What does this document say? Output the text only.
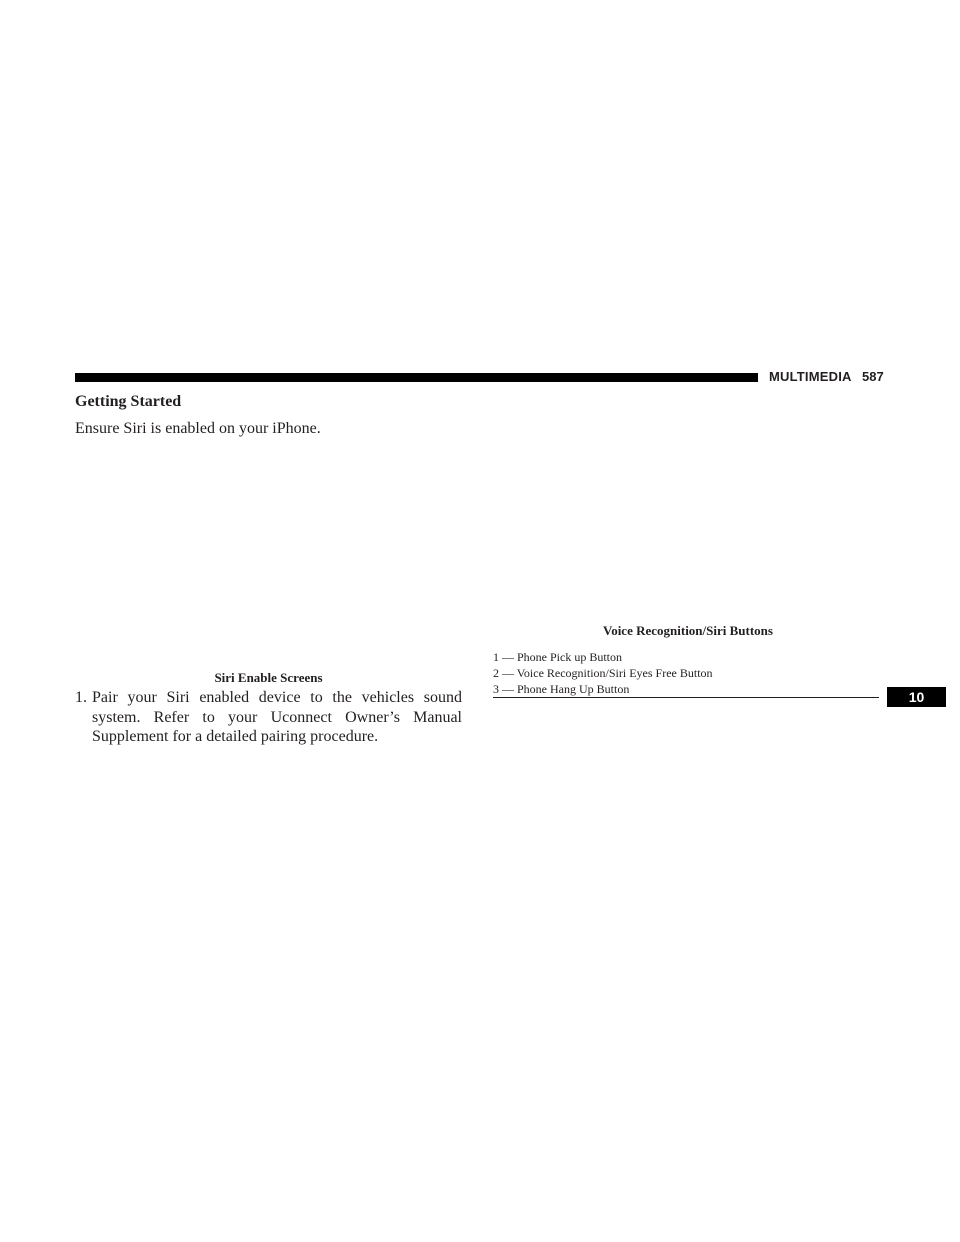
MULTIMEDIA 587
Getting Started
Ensure Siri is enabled on your iPhone.
Voice Recognition/Siri Buttons
1 — Phone Pick up Button
2 — Voice Recognition/Siri Eyes Free Button
3 — Phone Hang Up Button
Siri Enable Screens
1. Pair your Siri enabled device to the vehicles sound
system. Refer to your Uconnect Owner’s Manual
Supplement for a detailed pairing procedure.
10
